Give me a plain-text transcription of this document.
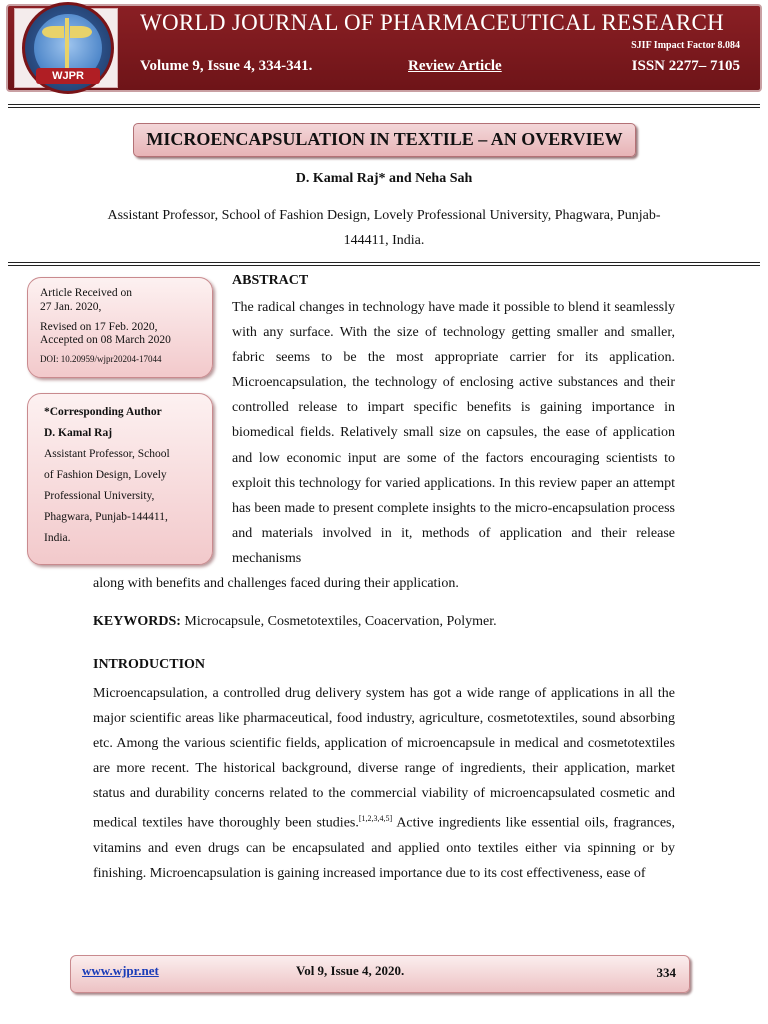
WJPR
WORLD JOURNAL OF PHARMACEUTICAL RESEARCH
SJIF Impact Factor 8.084
Volume 9, Issue 4, 334-341.	Review Article	ISSN 2277– 7105
MICROENCAPSULATION IN TEXTILE – AN OVERVIEW
D. Kamal Raj* and Neha Sah
Assistant Professor, School of Fashion Design, Lovely Professional University, Phagwara, Punjab-144411, India.
Article Received on
27 Jan. 2020,
Revised on 17 Feb. 2020,
Accepted on 08 March 2020
DOI: 10.20959/wjpr20204-17044
*Corresponding Author
D. Kamal Raj
Assistant Professor, School
of Fashion Design, Lovely
Professional University,
Phagwara, Punjab-144411,
India.
ABSTRACT
The radical changes in technology have made it possible to blend it seamlessly with any surface. With the size of technology getting smaller and smaller, fabric seems to be the most appropriate carrier for its application. Microencapsulation, the technology of enclosing active substances and their controlled release to impart specific benefits is gaining importance in biomedical fields. Relatively small size on capsules, the ease of application and low economic input are some of the factors encouraging scientists to exploit this technology for varied applications. In this review paper an attempt has been made to present complete insights to the micro-encapsulation process and materials involved in it, methods of application and their release mechanisms
along with benefits and challenges faced during their application.
KEYWORDS: Microcapsule, Cosmetotextiles, Coacervation, Polymer.
INTRODUCTION
Microencapsulation, a controlled drug delivery system has got a wide range of applications in all the major scientific areas like pharmaceutical, food industry, agriculture, cosmetotextiles, sound absorbing etc. Among the various scientific fields, application of microencapsule in medical and cosmetotextiles are more recent. The historical background, diverse range of ingredients, their application, market status and durability concerns related to the commercial viability of microencapsulated cosmetic and medical textiles have thoroughly been studies.[1,2,3,4,5] Active ingredients like essential oils, fragrances, vitamins and even drugs can be encapsulated and applied onto textiles either via spinning or by finishing. Microencapsulation is gaining increased importance due to its cost effectiveness, ease of
www.wjpr.net	Vol 9, Issue 4, 2020.	334
